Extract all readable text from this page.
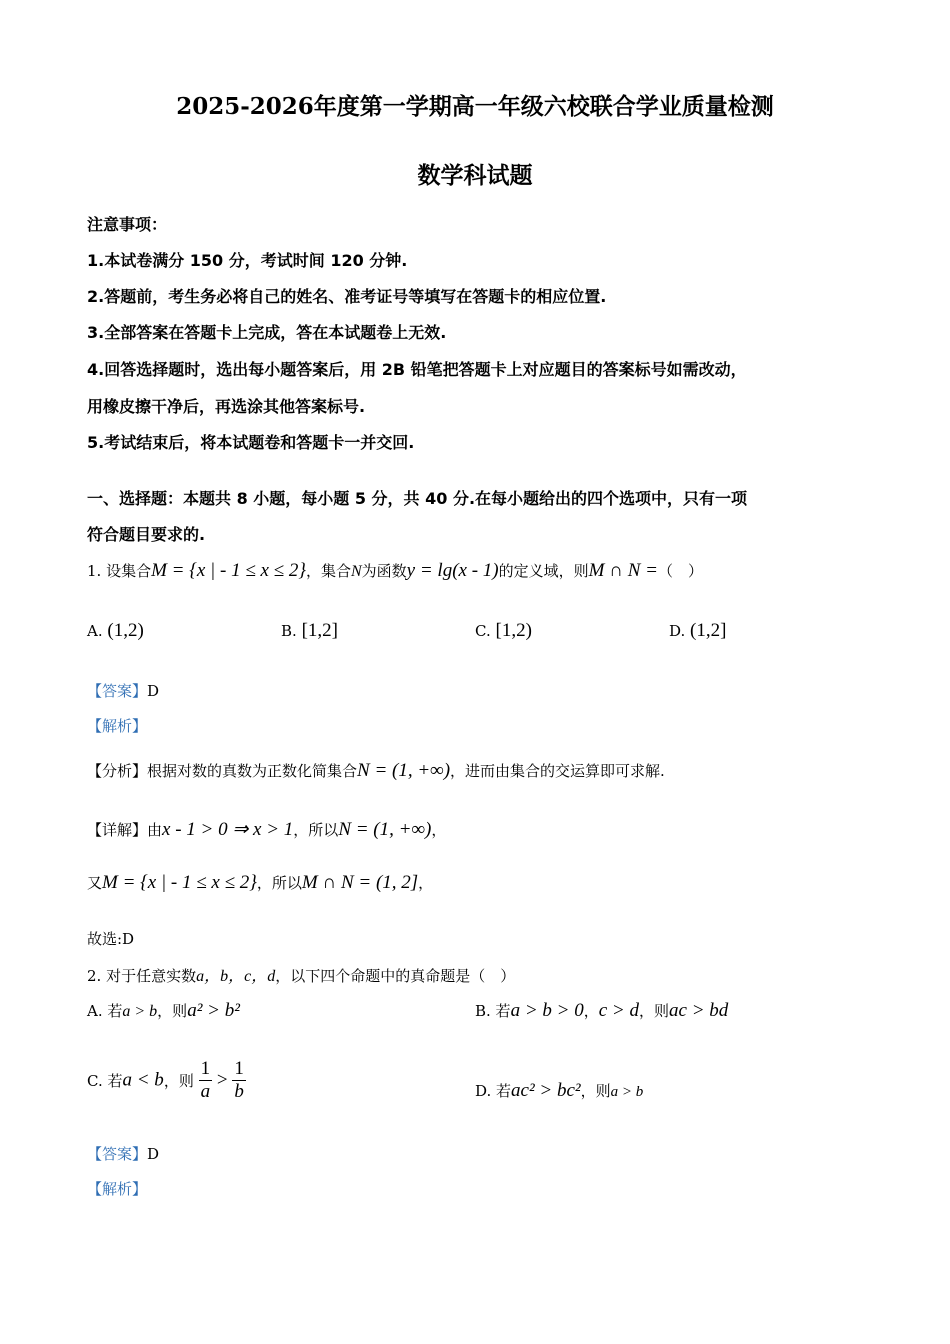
2025-2026年度第一学期高一年级六校联合学业质量检测
数学科试题
注意事项：
1.本试卷满分 150 分，考试时间 120 分钟.
2.答题前，考生务必将自己的姓名、准考证号等填写在答题卡的相应位置.
3.全部答案在答题卡上完成，答在本试题卷上无效.
4.回答选择题时，选出每小题答案后，用 2B 铅笔把答题卡上对应题目的答案标号如需改动，
用橡皮擦干净后，再选涂其他答案标号.
5.考试结束后，将本试题卷和答题卡一并交回.
一、选择题：本题共 8 小题，每小题 5 分，共 40 分.在每小题给出的四个选项中，只有一项
符合题目要求的.
1. 设集合M = {x | - 1 ≤ x ≤ 2}，集合N为函数y = lg(x - 1)的定义域，则M ∩ N =（　）
A. (1,2)	B. [1,2]	C. [1,2)	D. (1,2]
【答案】D
【解析】
【分析】根据对数的真数为正数化简集合N = (1, +∞)，进而由集合的交运算即可求解.
【详解】由x - 1 > 0 ⇒ x > 1，所以N = (1, +∞)，
又M = {x | - 1 ≤ x ≤ 2}，所以M ∩ N = (1, 2]，
故选:D
2. 对于任意实数a，b，c，d，以下四个命题中的真命题是（　）
A. 若a > b，则a² > b²	B. 若a > b > 0，c > d，则ac > bd
C. 若a < b，则 $\frac{1}{a} > \frac{1}{b}$	D. 若ac² > bc²，则a > b
【答案】D
【解析】
